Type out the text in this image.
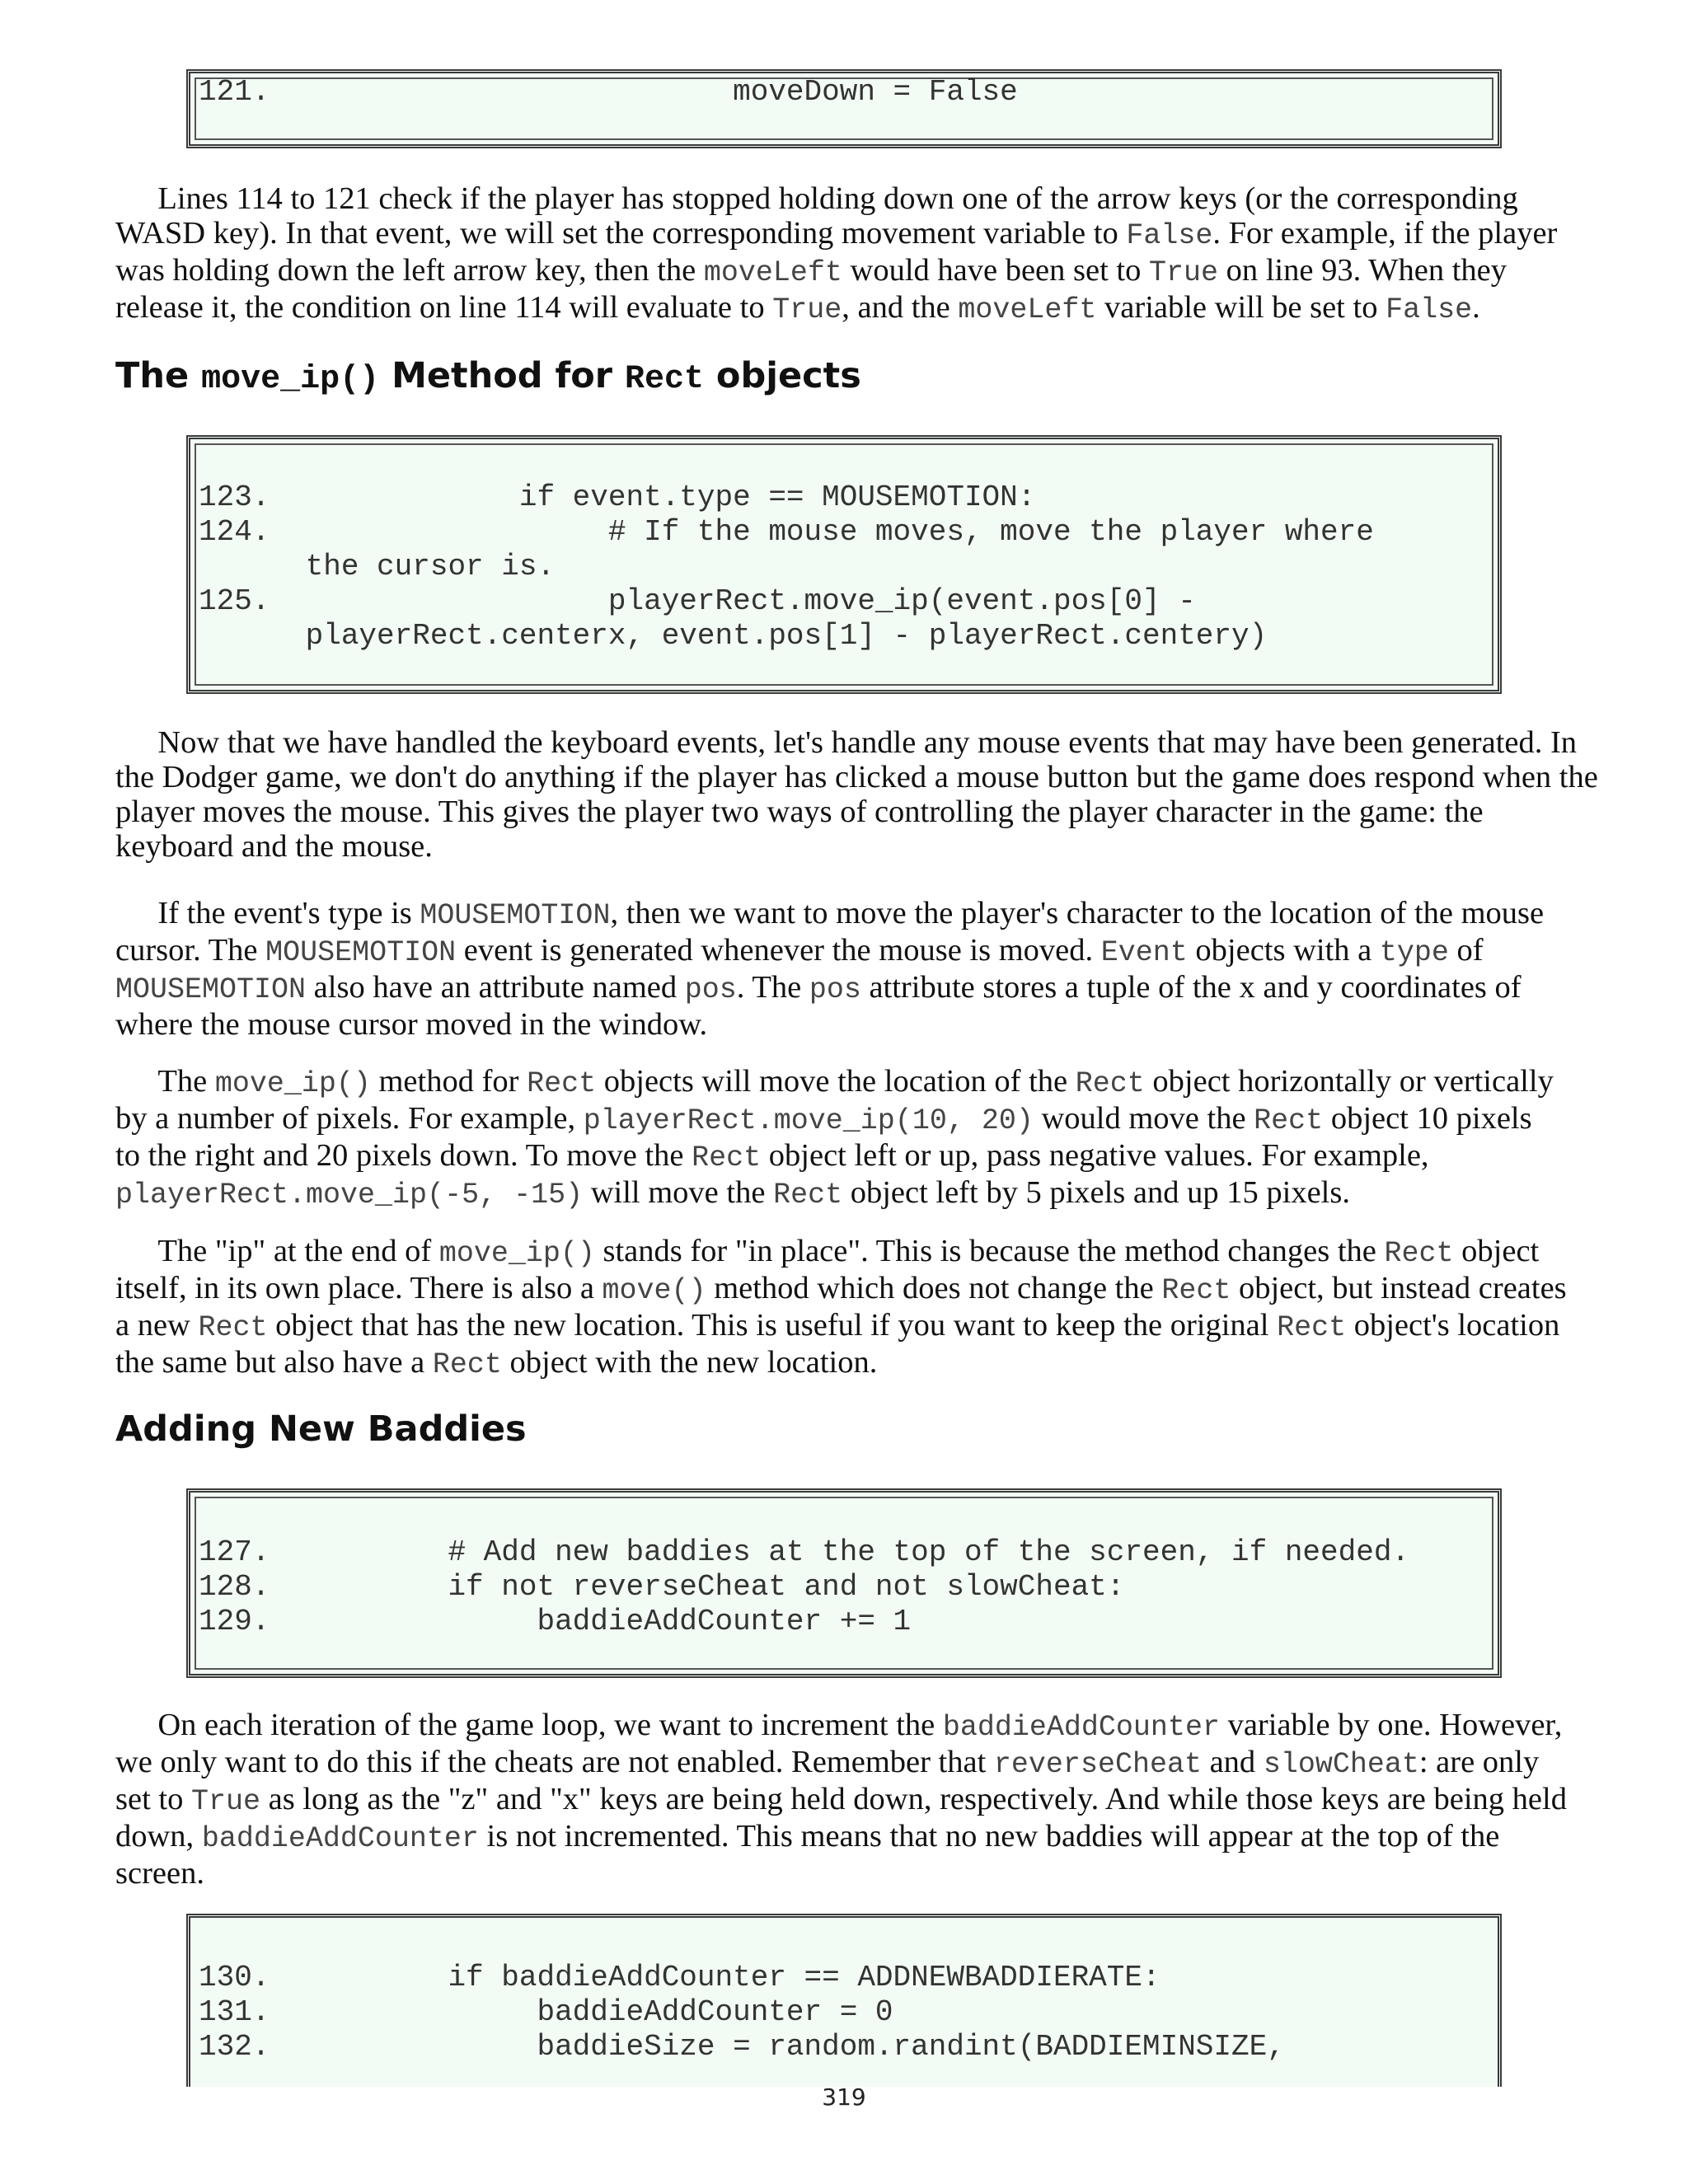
121.                          moveDown = False
  Lines 114 to 121 check if the player has stopped holding down one of the arrow keys (or the corresponding
WASD key). In that event, we will set the corresponding movement variable to False. For example, if the player
was holding down the left arrow key, then the moveLeft would have been set to True on line 93. When they
release it, the condition on line 114 will evaluate to True, and the moveLeft variable will be set to False.
The move_ip() Method for Rect objects
123.              if event.type == MOUSEMOTION:
124.                   # If the mouse moves, move the player where
the cursor is.
125.                   playerRect.move_ip(event.pos[0] -
playerRect.centerx, event.pos[1] - playerRect.centery)
  Now that we have handled the keyboard events, let's handle any mouse events that may have been generated. In
the Dodger game, we don't do anything if the player has clicked a mouse button but the game does respond when the
player moves the mouse. This gives the player two ways of controlling the player character in the game: the
keyboard and the mouse.
  If the event's type is MOUSEMOTION, then we want to move the player's character to the location of the mouse
cursor. The MOUSEMOTION event is generated whenever the mouse is moved. Event objects with a type of
MOUSEMOTION also have an attribute named pos. The pos attribute stores a tuple of the x and y coordinates of
where the mouse cursor moved in the window.
  The move_ip() method for Rect objects will move the location of the Rect object horizontally or vertically
by a number of pixels. For example, playerRect.move_ip(10, 20) would move the Rect object 10 pixels
to the right and 20 pixels down. To move the Rect object left or up, pass negative values. For example,
playerRect.move_ip(-5, -15) will move the Rect object left by 5 pixels and up 15 pixels.
  The "ip" at the end of move_ip() stands for "in place". This is because the method changes the Rect object
itself, in its own place. There is also a move() method which does not change the Rect object, but instead creates
a new Rect object that has the new location. This is useful if you want to keep the original Rect object's location
the same but also have a Rect object with the new location.
Adding New Baddies
127.          # Add new baddies at the top of the screen, if needed.
128.          if not reverseCheat and not slowCheat:
129.               baddieAddCounter += 1
  On each iteration of the game loop, we want to increment the baddieAddCounter variable by one. However,
we only want to do this if the cheats are not enabled. Remember that reverseCheat and slowCheat: are only
set to True as long as the "z" and "x" keys are being held down, respectively. And while those keys are being held
down, baddieAddCounter is not incremented. This means that no new baddies will appear at the top of the
screen.
130.          if baddieAddCounter == ADDNEWBADDIERATE:
131.               baddieAddCounter = 0
132.               baddieSize = random.randint(BADDIEMINSIZE,
319
